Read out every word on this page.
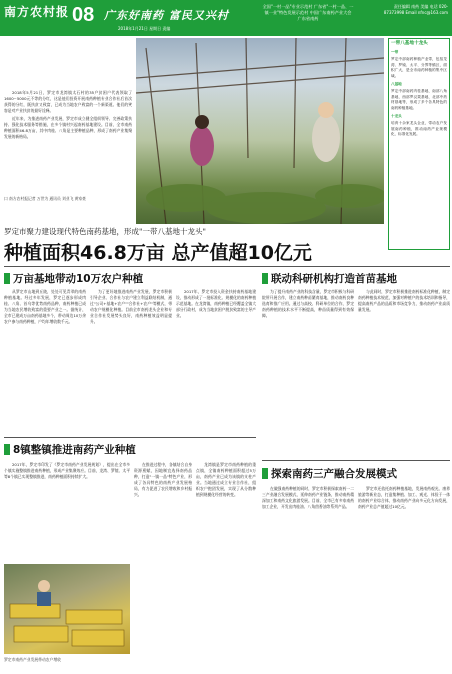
南方农村报 08 广东好南药 富民又兴村
2018年1月21日 星期日 责编
全国"一村一品"专业示范村 广东省"一村一品、一镇一业"特色发展示范村 中国广东南药产业大会 广东省南药
责任编辑 南药 美编 电话 020-87373998 Email nfnc@163.com

2018年5月21日，罗定市龙湾镇太石村的35户贫困户代表领取了1600~5000元不等的分红，这是他们投资开展南药种植专业合作社后首次获得的分红，既扶贫又致富，已成为当地农户致富的一个新渠道。他们的笑容是对产业扶贫的最好诠释。

近年来，为推进南药产业发展，罗定市成立健全组织领导、完善政策扶持、强化技术服务等措施，在多个镇村兴起南药基地建设。目前，全市南药种植面积46.8万亩，其中肉桂、八角是主要种植品种，形成了南药产业集聚发展的新格局。

口 南方农村报记者 万世为 通讯员 刘业飞 黄家豪
一带八基地十龙头
一带

罗定中部南药种植产业带，包括龙湾、罗镜、太平、分界等镇区，面积广大，是全市南药种植的集中区域。

八基地

罗定中部南药肉桂基地、南部八角基地、西部罗汉果基地、北部中药材基地等，形成了多个各具特色的南药种植基地。

十龙头

培育十余家龙头企业，带动农户发展南药种植，推动南药产业规模化、标准化发展。

罗定市聚力建设现代特色南药基地，形成"一带八基地十龙头"
种植面积46.8万亩 总产值超10亿元
万亩基地带动10万农户种植

从罗定市山地到丘陵，处处可见青翠的南药种植基地。经过多年发展，罗定已逐步形成肉桂、八角、首乌等优势南药品种，南药种植已成为当地农民增收致富的重要产业之一。据统计，全市已建成万亩南药基地多个，带动周边10万余农户参与南药种植，户均年增收数千元。

为了更好地推进南药产业发展，罗定市积极引导企业、合作社与农户建立利益联结机制，通过"公司+基地+农户""合作社+农户"等模式，带动农户规模化种植。目前全市南药龙头企业和专业合作社发展势头良好，南药种植效益明显提升。

2017年，罗定市投入资金扶持南药基地建设，推动形成了一批标准化、规模化的南药种植示范基地。在龙湾镇，南药种植已经覆盖全镇大部分行政村，成为当地贫困户脱贫致富的主导产业。

联动科研机构打造首苗基地

为了提升南药产业的科技含量，罗定市积极与科研院所开展合作，建立南药种苗繁育基地，推动南药良种选育和推广应用。通过与高校、科研单位的合作，罗定南药种植的技术水平不断提高，种苗质量得到有效保障。

与此同时，罗定市积极推进南药标准化种植，制定南药种植技术规范，加强对种植户的技术培训和指导，提高南药产品的品质和市场竞争力，推动南药产业高质量发展。

8镇整镇推进南药产业种植

2017年，罗定市印发了《罗定市南药产业发展规划》，提出在全市多个镇实施整镇推进南药种植，形成产业集聚效应。目前，龙湾、罗镜、太平等8个镇已实现整镇推进，南药种植面积持续扩大。

在推进过程中，各镇结合自身资源禀赋，因地制宜选择南药品种，打造"一镇一品"特色产业，形成了各具特色的南药产业发展格局，有力促进了农民增收和乡村振兴。

龙湾镇是罗定市南药种植的重点镇，全镇南药种植面积超过5万亩，南药产业已成为该镇的支柱产业。当地通过成立专业合作社，组织农户抱团发展，实现了从分散种植到规模化经营的转变。

罗定市南药产业发展带动农户增收
探索南药三产融合发展模式

在做强南药种植的同时，罗定市积极探索南药一二三产业融合发展模式，延伸南药产业链条，推动南药精深加工和南药文化旅游发展。目前，全市已有多家南药加工企业，开发出肉桂油、八角茴香油等系列产品。

罗定市还依托南药种植基地，发展南药观光、康养旅游等新业态，打造集种植、加工、观光、体验于一体的南药产业综合体，推动南药产业向多元化方向发展，南药产业总产值超过10亿元。
